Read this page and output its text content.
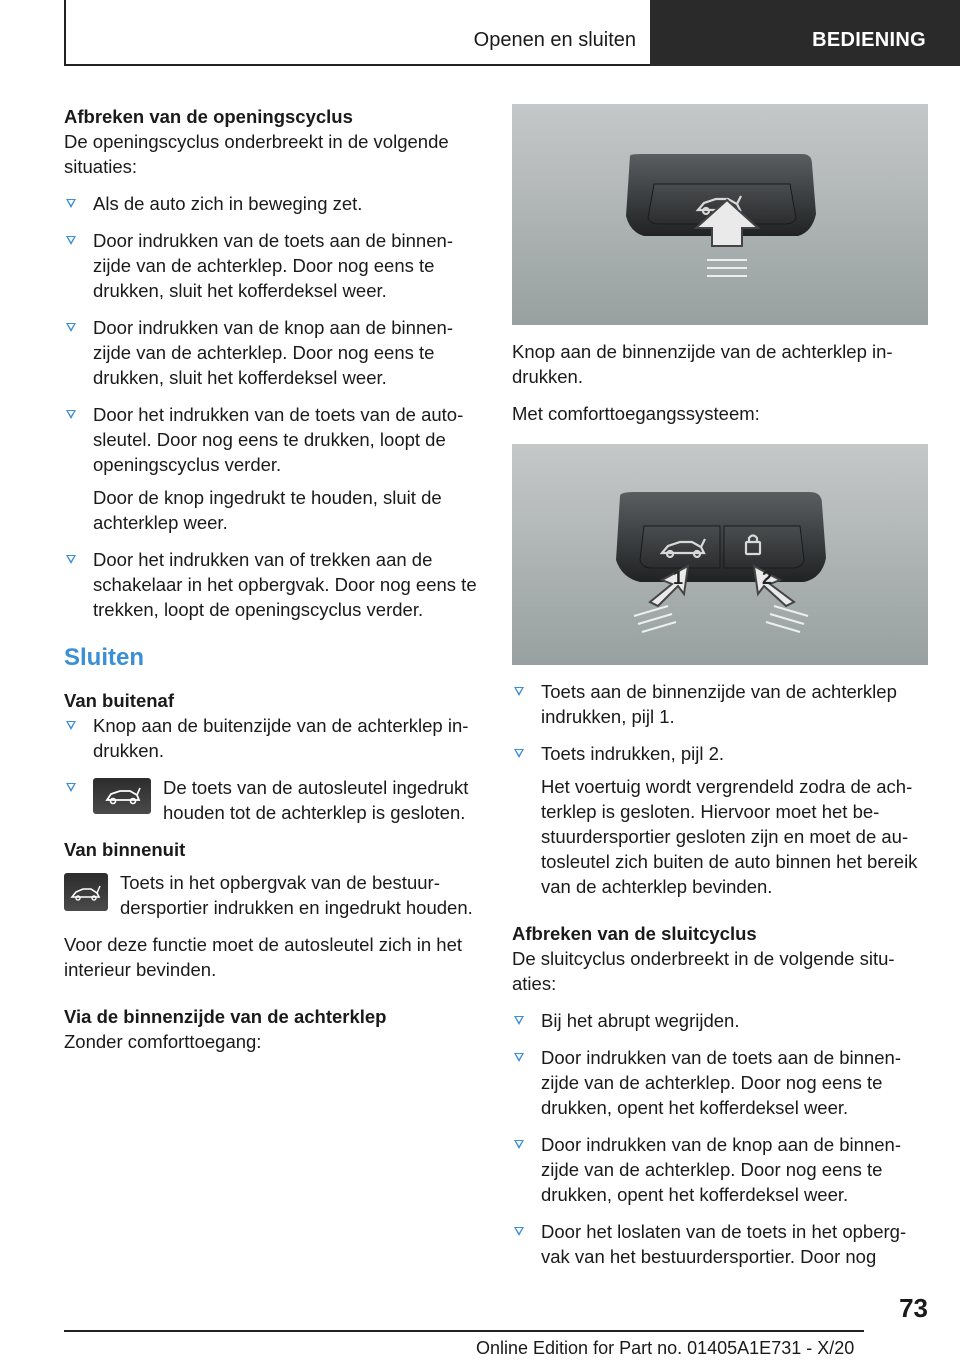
Openen en sluiten	BEDIENING

Afbreken van de openingscyclus

De openingscyclus onderbreekt in de volgende situaties:

Als de auto zich in beweging zet.
Door indrukken van de toets aan de binnenzijde van de achterklep. Door nog eens te drukken, sluit het kofferdeksel weer.
Door indrukken van de knop aan de binnenzijde van de achterklep. Door nog eens te drukken, sluit het kofferdeksel weer.
Door het indrukken van de toets van de autosleutel. Door nog eens te drukken, loopt de openingscyclus verder.
Door de knop ingedrukt te houden, sluit de achterklep weer.
Door het indrukken van of trekken aan de schakelaar in het opbergvak. Door nog eens te trekken, loopt de openingscyclus verder.
Sluiten

Van buitenaf

Knop aan de buitenzijde van de achterklep indrukken.
De toets van de autosleutel ingedrukt houden tot de achterklep is gesloten.

Van binnenuit

Toets in het opbergvak van de bestuurdersportier indrukken en ingedrukt houden.

Voor deze functie moet de autosleutel zich in het interieur bevinden.

Via de binnenzijde van de achterklep

Zonder comforttoegang:

Knop aan de binnenzijde van de achterklep indrukken.

Met comforttoegangssysteem:

1	2
Toets aan de binnenzijde van de achterklep indrukken, pijl 1.
Toets indrukken, pijl 2.
Het voertuig wordt vergrendeld zodra de achterklep is gesloten. Hiervoor moet het bestuurdersportier gesloten zijn en moet de autosleutel zich buiten de auto binnen het bereik van de achterklep bevinden.

Afbreken van de sluitcyclus

De sluitcyclus onderbreekt in de volgende situaties:

Bij het abrupt wegrijden.
Door indrukken van de toets aan de binnenzijde van de achterklep. Door nog eens te drukken, opent het kofferdeksel weer.
Door indrukken van de knop aan de binnenzijde van de achterklep. Door nog eens te drukken, opent het kofferdeksel weer.
Door het loslaten van de toets in het opbergvak van het bestuurdersportier. Door nog
73
Online Edition for Part no. 01405A1E731 - X/20
